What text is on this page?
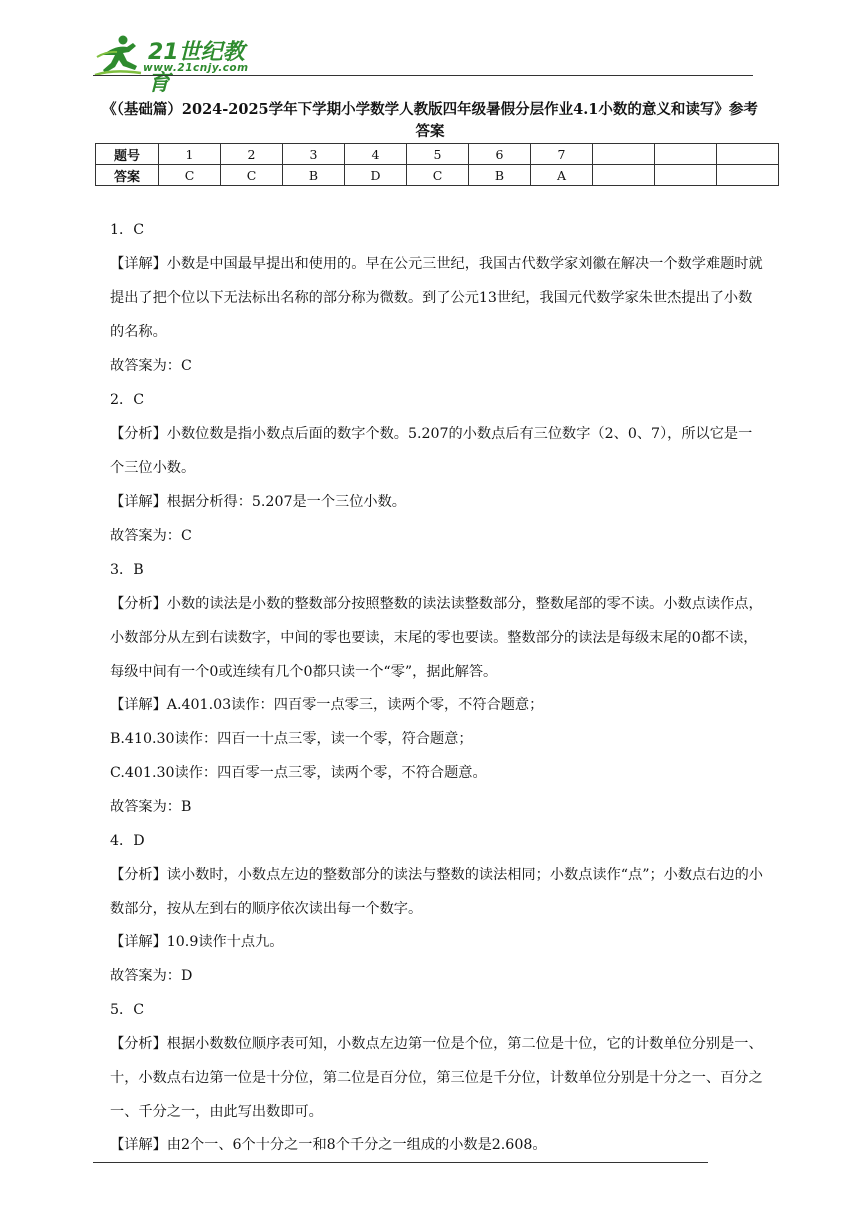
21世纪教育
www.21cnjy.com
《（基础篇）2024-2025学年下学期小学数学人教版四年级暑假分层作业4.1小数的意义和读写》参考答案
题号	1	2	3	4	5	6	7			
答案	C	C	B	D	C	B	A			

1．C

【详解】小数是中国最早提出和使用的。早在公元三世纪，我国古代数学家刘徽在解决一个数学难题时就提出了把个位以下无法标出名称的部分称为微数。到了公元13世纪，我国元代数学家朱世杰提出了小数的名称。

故答案为：C

2．C

【分析】小数位数是指小数点后面的数字个数。5.207的小数点后有三位数字（2、0、7），所以它是一个三位小数。

【详解】根据分析得：5.207是一个三位小数。

故答案为：C

3．B

【分析】小数的读法是小数的整数部分按照整数的读法读整数部分，整数尾部的零不读。小数点读作点，小数部分从左到右读数字，中间的零也要读，末尾的零也要读。整数部分的读法是每级末尾的0都不读，每级中间有一个0或连续有几个0都只读一个“零”，据此解答。

【详解】A.401.03读作：四百零一点零三，读两个零，不符合题意；

B.410.30读作：四百一十点三零，读一个零，符合题意；

C.401.30读作：四百零一点三零，读两个零，不符合题意。

故答案为：B

4．D

【分析】读小数时，小数点左边的整数部分的读法与整数的读法相同；小数点读作“点”；小数点右边的小数部分，按从左到右的顺序依次读出每一个数字。

【详解】10.9读作十点九。

故答案为：D

5．C

【分析】根据小数数位顺序表可知，小数点左边第一位是个位，第二位是十位，它的计数单位分别是一、十，小数点右边第一位是十分位，第二位是百分位，第三位是千分位，计数单位分别是十分之一、百分之一、千分之一，由此写出数即可。

【详解】由2个一、6个十分之一和8个千分之一组成的小数是2.608。
